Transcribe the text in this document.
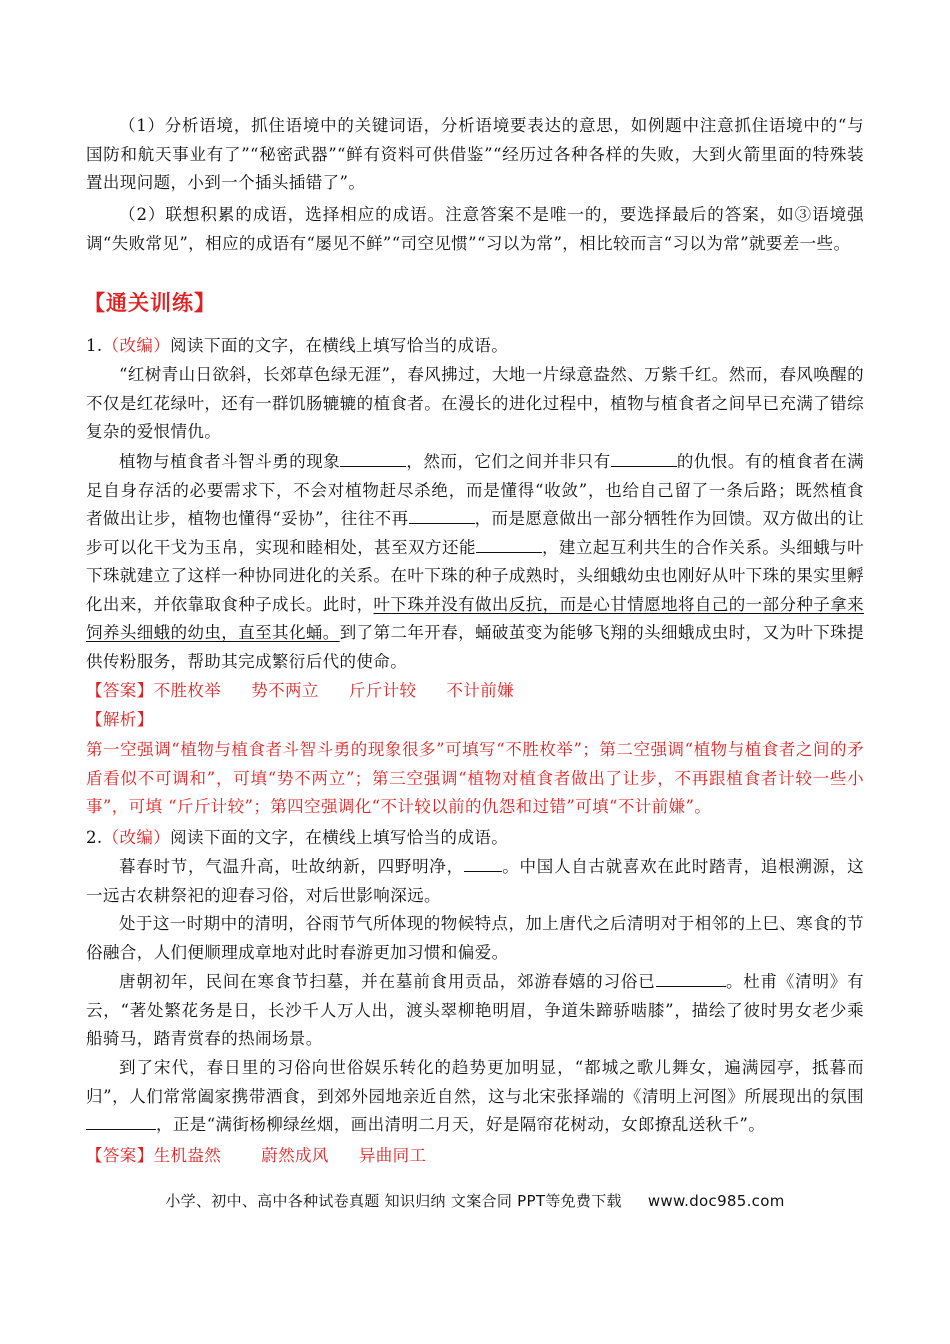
（1）分析语境，抓住语境中的关键词语，分析语境要表达的意思，如例题中注意抓住语境中的“与国防和航天事业有了”“秘密武器”“鲜有资料可供借鉴”“经历过各种各样的失败，大到火箭里面的特殊装置出现问题，小到一个插头插错了”。
（2）联想积累的成语，选择相应的成语。注意答案不是唯一的，要选择最后的答案，如③语境强调“失败常见”，相应的成语有“屡见不鲜”“司空见惯”“习以为常”，相比较而言“习以为常”就要差一些。
【通关训练】
1.（改编）阅读下面的文字，在横线上填写恰当的成语。
“红树青山日欲斜，长郊草色绿无涯”，春风拂过，大地一片绿意盎然、万紫千红。然而，春风唤醒的不仅是红花绿叶，还有一群饥肠辘辘的植食者。在漫长的进化过程中，植物与植食者之间早已充满了错综复杂的爱恨情仇。
植物与植食者斗智斗勇的现象	，然而，它们之间并非只有	的仇恨。有的植食者在满足自身存活的必要需求下，不会对植物赶尽杀绝，而是懂得“收敛”，也给自己留了一条后路；既然植食者做出让步，植物也懂得“妥协”，往往不再	，而是愿意做出一部分牺牲作为回馈。双方做出的让步可以化干戈为玉帛，实现和睦相处，甚至双方还能	，建立起互利共生的合作关系。头细蛾与叶下珠就建立了这样一种协同进化的关系。在叶下珠的种子成熟时，头细蛾幼虫也刚好从叶下珠的果实里孵化出来，并依靠取食种子成长。此时，叶下珠并没有做出反抗，而是心甘情愿地将自己的一部分种子拿来饲养头细蛾的幼虫，直至其化蛹。到了第二年开春，蛹破茧变为能够飞翔的头细蛾成虫时，又为叶下珠提供传粉服务，帮助其完成繁衍后代的使命。
【答案】不胜枚举 势不两立 斤斤计较 不计前嫌
【解析】
第一空强调“植物与植食者斗智斗勇的现象很多”可填写“不胜枚举”；第二空强调“植物与植食者之间的矛盾看似不可调和”，可填“势不两立”；第三空强调“植物对植食者做出了让步，不再跟植食者计较一些小事”，可填 “斤斤计较”；第四空强调化“不计较以前的仇怨和过错”可填“不计前嫌”。
2.（改编）阅读下面的文字，在横线上填写恰当的成语。
暮春时节，气温升高，吐故纳新，四野明净， 。中国人自古就喜欢在此时踏青，追根溯源，这一远古农耕祭祀的迎春习俗，对后世影响深远。
处于这一时期中的清明，谷雨节气所体现的物候特点，加上唐代之后清明对于相邻的上巳、寒食的节俗融合，人们便顺理成章地对此时春游更加习惯和偏爱。
唐朝初年，民间在寒食节扫墓，并在墓前食用贡品，郊游春嬉的习俗已	。杜甫《清明》有云，“著处繁花务是日，长沙千人万人出，渡头翠柳艳明眉，争道朱蹄骄啮膝”，描绘了彼时男女老少乘船骑马，踏青赏春的热闹场景。
到了宋代，春日里的习俗向世俗娱乐转化的趋势更加明显，“都城之歌儿舞女，遍满园亭，抵暮而归”，人们常常阖家携带酒食，到郊外园地亲近自然，这与北宋张择端的《清明上河图》所展现出的氛围，正是“满街杨柳绿丝烟，画出清明二月天，好是隔帘花树动，女郎撩乱送秋千”。
【答案】生机盎然 蔚然成风 异曲同工
小学、初中、高中各种试卷真题 知识归纳 文案合同 PPT等免费下载 www.doc985.com
